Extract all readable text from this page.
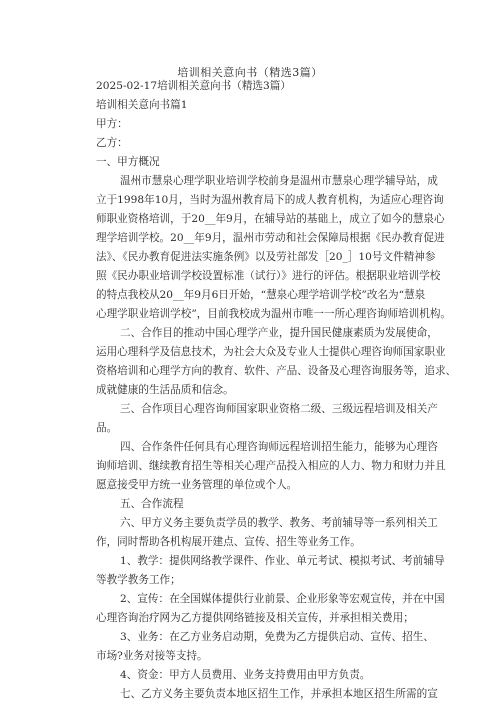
培训相关意向书（精选3篇）
2025-02-17培训相关意向书（精选3篇）
培训相关意向书篇1
甲方：
乙方：
一、甲方概况
温州市慧泉心理学职业培训学校前身是温州市慧泉心理学辅导站，成
立于1998年10月，当时为温州教育局下的成人教育机构，为适应心理咨询
师职业资格培训，于20__年9月，在辅导站的基础上，成立了如今的慧泉心
理学培训学校。20__年9月，温州市劳动和社会保障局根据《民办教育促进
法》、《民办教育促进法实施条例》以及劳社部发［20_］10号文件精神参
照《民办职业培训学校设置标准（试行）》进行的评估。根据职业培训学校
的特点我校从20__年9月6日开始，“慧泉心理学培训学校”改名为“慧泉
心理学职业培训学校”，目前我校成为温州市唯一一所心理咨询师培训机构。
二、合作目的推动中国心理学产业，提升国民健康素质为发展使命，
运用心理科学及信息技术，为社会大众及专业人士提供心理咨询师国家职业
资格培训和心理学方向的教育、软件、产品、设备及心理咨询服务等，追求、
成就健康的生活品质和信念。
三、合作项目心理咨询师国家职业资格二级、三级远程培训及相关产
品。
四、合作条件任何具有心理咨询师远程培训招生能力，能够为心理咨
询师培训、继续教育招生等相关心理产品投入相应的人力、物力和财力并且
愿意接受甲方统一业务管理的单位或个人。
五、合作流程
六、甲方义务主要负责学员的教学、教务、考前辅导等一系列相关工
作，同时帮助各机构展开建点、宣传、招生等业务工作。
1、教学：提供网络教学课件、作业、单元考试、模拟考试、考前辅导
等教学教务工作；
2、宣传：在全国媒体提供行业前景、企业形象等宏观宣传，并在中国
心理咨询治疗网为乙方提供网络链接及相关宣传，并承担相关费用；
3、业务：在乙方业务启动期，免费为乙方提供启动、宣传、招生、
市场?业务对接等支持。
4、资金：甲方人员费用、业务支持费用由甲方负责。
七、乙方义务主要负责本地区招生工作，并承担本地区招生所需的宣
